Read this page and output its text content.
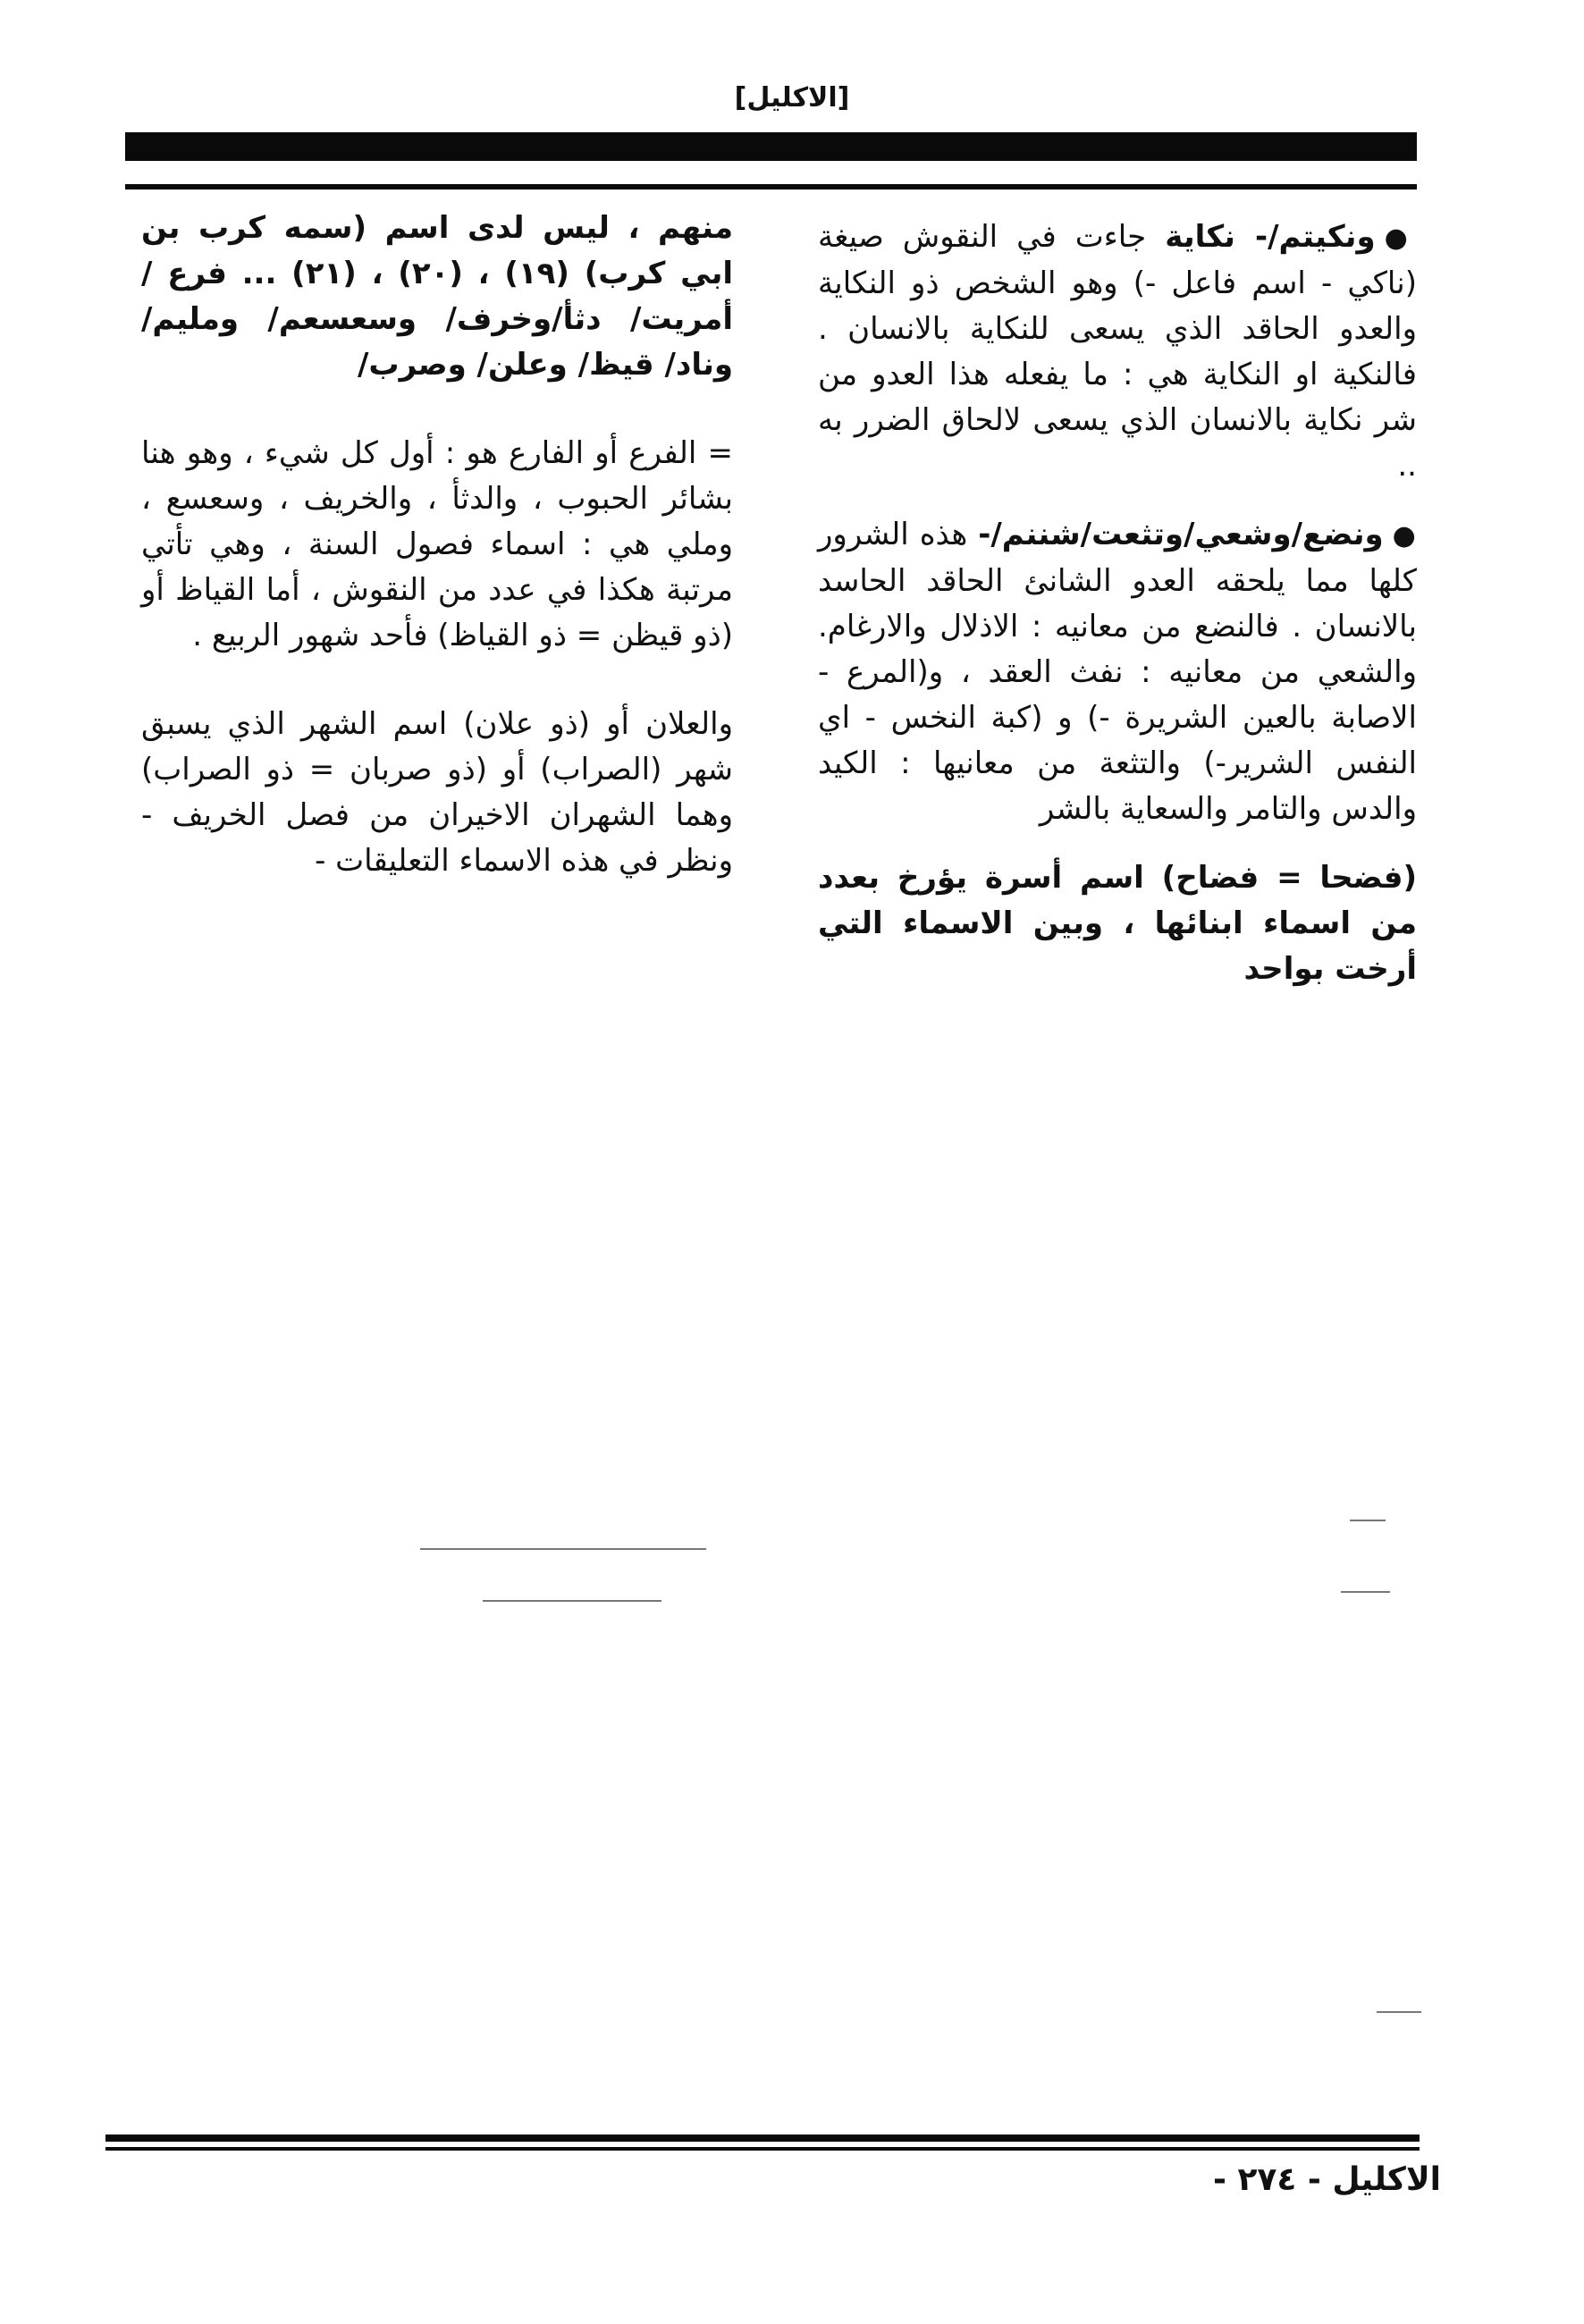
[الاكليل]

●ونكيتم/- نكاية جاءت في النقوش صيغة (ناكي - اسم فاعل -) وهو الشخص ذو النكاية والعدو الحاقد الذي يسعى للنكاية بالانسان . فالنكية او النكاية هي : ما يفعله هذا العدو من شر نكاية بالانسان الذي يسعى لالحاق الضرر به ..

●ونضع/وشعي/وتثعت/شننم/- هذه الشرور كلها مما يلحقه العدو الشانئ الحاقد الحاسد بالانسان . فالنضع من معانيه : الاذلال والارغام. والشعي من معانيه : نفث العقد ، و(المرع - الاصابة بالعين الشريرة -) و (كبة النخس - اي النفس الشرير-) والتثعة من معانيها : الكيد والدس والتامر والسعاية بالشر

(فضحا = فضاح) اسم أسرة يؤرخ بعدد من اسماء ابنائها ، وبين الاسماء التي أرخت بواحد

منهم ، ليس لدى اسم (سمه كرب بن ابي كرب) (١٩) ، (٢٠) ، (٢١) ... فرع / أمريت/ دثأ/وخرف/ وسعسعم/ ومليم/ وناد/ قيظ/ وعلن/ وصرب/

= الفرع أو الفارع هو : أول كل شيء ، وهو هنا بشائر الحبوب ، والدثأ ، والخريف ، وسعسع ، وملي هي : اسماء فصول السنة ، وهي تأتي مرتبة هكذا في عدد من النقوش ، أما القياظ أو (ذو قيظن = ذو القياظ) فأحد شهور الربيع .

والعلان أو (ذو علان) اسم الشهر الذي يسبق شهر (الصراب) أو (ذو صربان = ذو الصراب) وهما الشهران الاخيران من فصل الخريف - ونظر في هذه الاسماء التعليقات -

الاكليل - ٢٧٤ -
